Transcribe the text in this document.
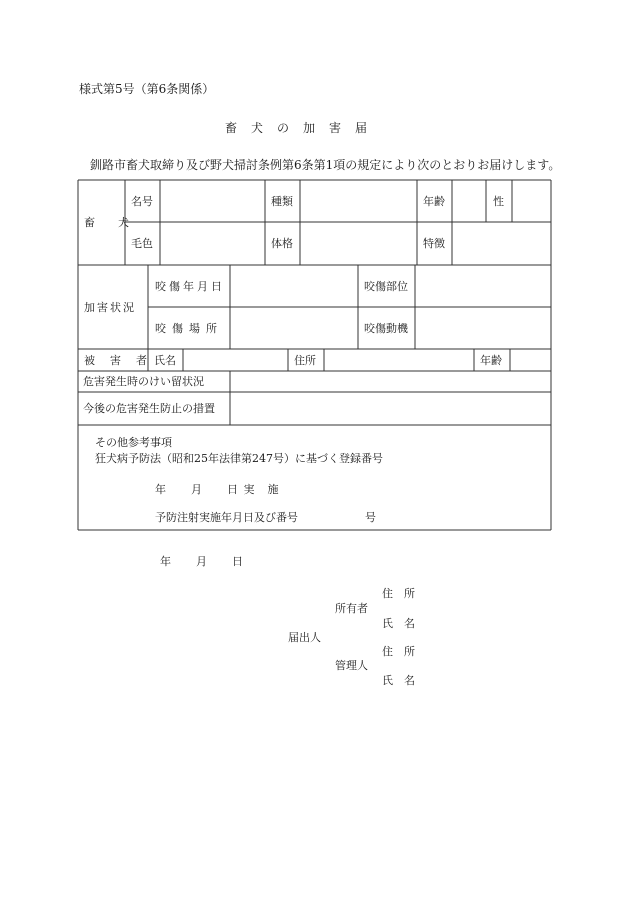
様式第5号（第6条関係）
畜　犬　の　加　害　届
釧路市畜犬取締り及び野犬掃討条例第6条第1項の規定により次のとおりお届けします。
畜　犬
名号	種類	年齢	性
毛色	体格	特徴
加害状況
咬傷年月日	咬傷部位
咬傷場所	咬傷動機
被　害　者 氏名	住所	年齢
危害発生時のけい留状況
今後の危害発生防止の措置
その他参考事項
狂犬病予防法（昭和25年法律第247号）に基づく登録番号
年　　月　　日 実　施
予防注射実施年月日及び番号	号
年　　月　　日
住　所
所有者
氏　名
届出人
住　所
管理人
氏　名
